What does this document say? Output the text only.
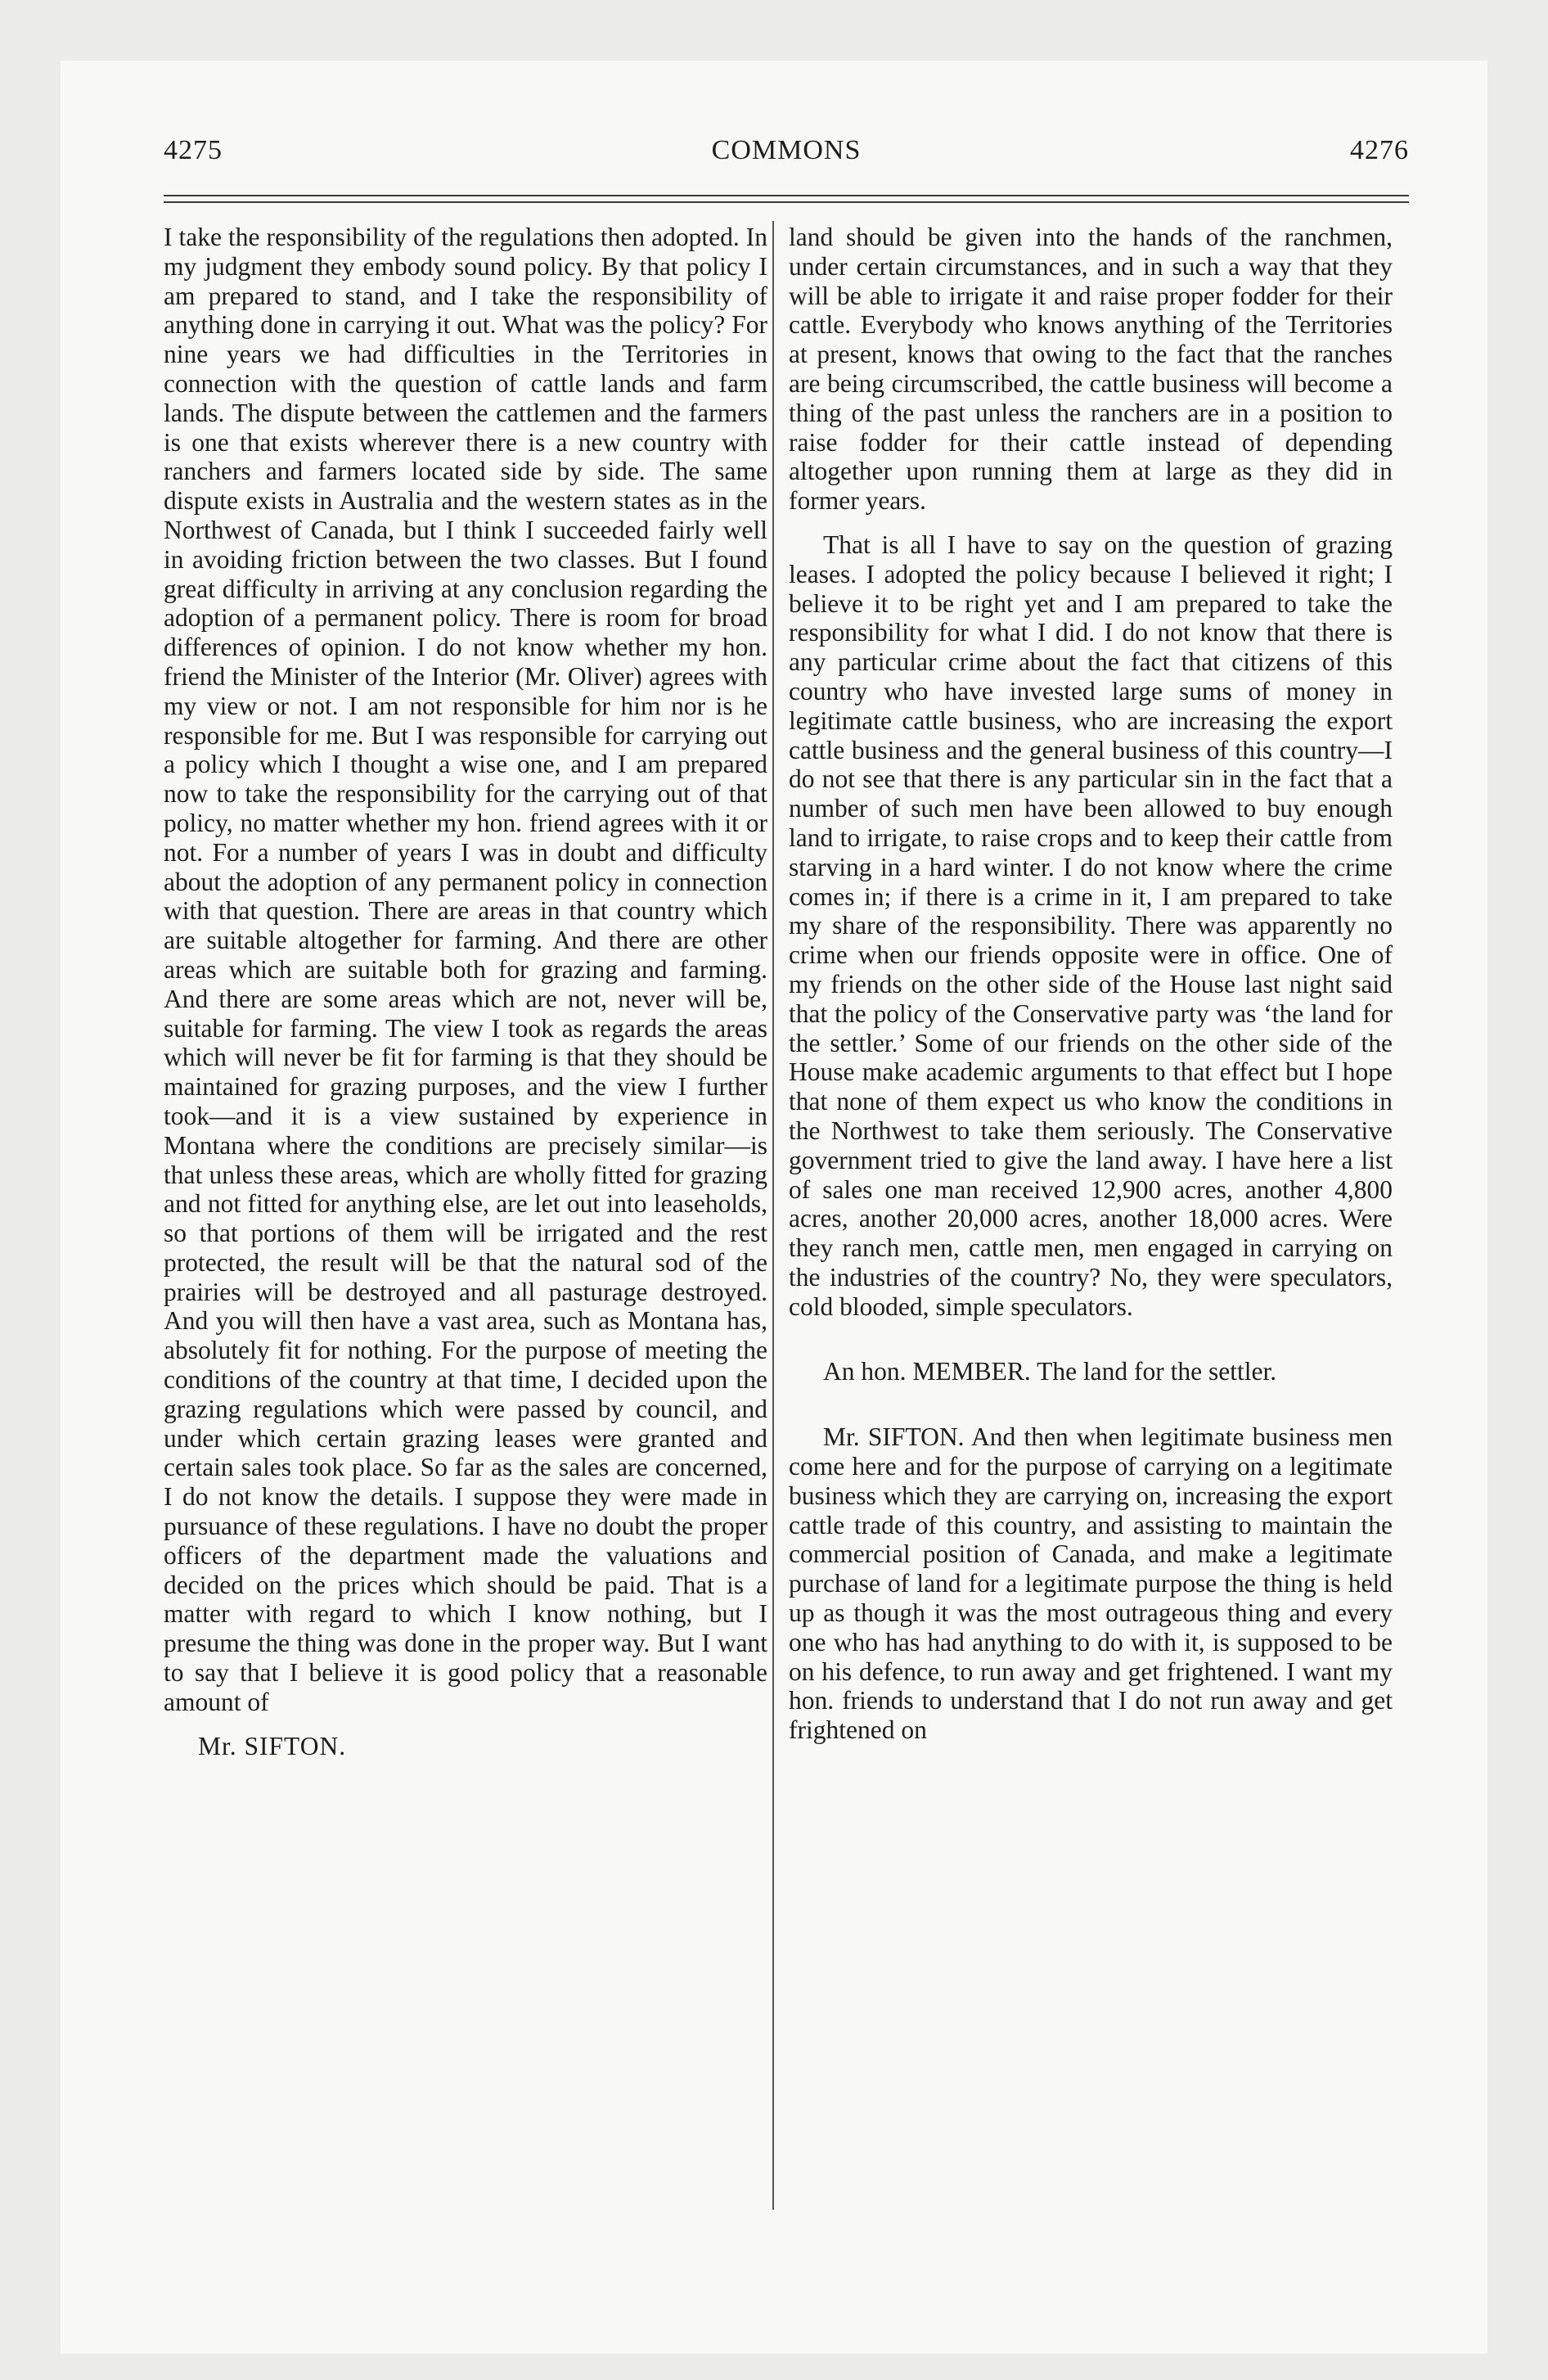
4275	COMMONS	4276

I take the responsibility of the regulations then adopted. In my judgment they embody sound policy. By that policy I am prepared to stand, and I take the responsibility of anything done in carrying it out. What was the policy? For nine years we had difficulties in the Territories in connection with the question of cattle lands and farm lands. The dispute between the cattlemen and the farmers is one that exists wherever there is a new country with ranchers and farmers located side by side. The same dispute exists in Australia and the western states as in the Northwest of Canada, but I think I succeeded fairly well in avoiding friction between the two classes. But I found great difficulty in arriving at any conclusion regarding the adoption of a permanent policy. There is room for broad differences of opinion. I do not know whether my hon. friend the Minister of the Interior (Mr. Oliver) agrees with my view or not. I am not responsible for him nor is he responsible for me. But I was responsible for carrying out a policy which I thought a wise one, and I am prepared now to take the responsibility for the carrying out of that policy, no matter whether my hon. friend agrees with it or not. For a number of years I was in doubt and difficulty about the adoption of any permanent policy in connection with that question. There are areas in that country which are suitable altogether for farming. And there are other areas which are suitable both for grazing and farming. And there are some areas which are not, never will be, suitable for farming. The view I took as regards the areas which will never be fit for farming is that they should be maintained for grazing purposes, and the view I further took—and it is a view sustained by experience in Montana where the conditions are precisely similar—is that unless these areas, which are wholly fitted for grazing and not fitted for anything else, are let out into leaseholds, so that portions of them will be irrigated and the rest protected, the result will be that the natural sod of the prairies will be destroyed and all pasturage destroyed. And you will then have a vast area, such as Montana has, absolutely fit for nothing. For the purpose of meeting the conditions of the country at that time, I decided upon the grazing regulations which were passed by council, and under which certain grazing leases were granted and certain sales took place. So far as the sales are concerned, I do not know the details. I suppose they were made in pursuance of these regulations. I have no doubt the proper officers of the department made the valuations and decided on the prices which should be paid. That is a matter with regard to which I know nothing, but I presume the thing was done in the proper way. But I want to say that I believe it is good policy that a reasonable amount of

Mr. SIFTON.

land should be given into the hands of the ranchmen, under certain circumstances, and in such a way that they will be able to irrigate it and raise proper fodder for their cattle. Everybody who knows anything of the Territories at present, knows that owing to the fact that the ranches are being circumscribed, the cattle business will become a thing of the past unless the ranchers are in a position to raise fodder for their cattle instead of depending altogether upon running them at large as they did in former years.

That is all I have to say on the question of grazing leases. I adopted the policy because I believed it right; I believe it to be right yet and I am prepared to take the responsibility for what I did. I do not know that there is any particular crime about the fact that citizens of this country who have invested large sums of money in legitimate cattle business, who are increasing the export cattle business and the general business of this country—I do not see that there is any particular sin in the fact that a number of such men have been allowed to buy enough land to irrigate, to raise crops and to keep their cattle from starving in a hard winter. I do not know where the crime comes in; if there is a crime in it, I am prepared to take my share of the responsibility. There was apparently no crime when our friends opposite were in office. One of my friends on the other side of the House last night said that the policy of the Conservative party was ‘the land for the settler.’ Some of our friends on the other side of the House make academic arguments to that effect but I hope that none of them expect us who know the conditions in the Northwest to take them seriously. The Conservative government tried to give the land away. I have here a list of sales one man received 12,900 acres, another 4,800 acres, another 20,000 acres, another 18,000 acres. Were they ranch men, cattle men, men engaged in carrying on the industries of the country? No, they were speculators, cold blooded, simple speculators.

An hon. MEMBER. The land for the settler.

Mr. SIFTON. And then when legitimate business men come here and for the purpose of carrying on a legitimate business which they are carrying on, increasing the export cattle trade of this country, and assisting to maintain the commercial position of Canada, and make a legitimate purchase of land for a legitimate purpose the thing is held up as though it was the most outrageous thing and every one who has had anything to do with it, is supposed to be on his defence, to run away and get frightened. I want my hon. friends to understand that I do not run away and get frightened on
